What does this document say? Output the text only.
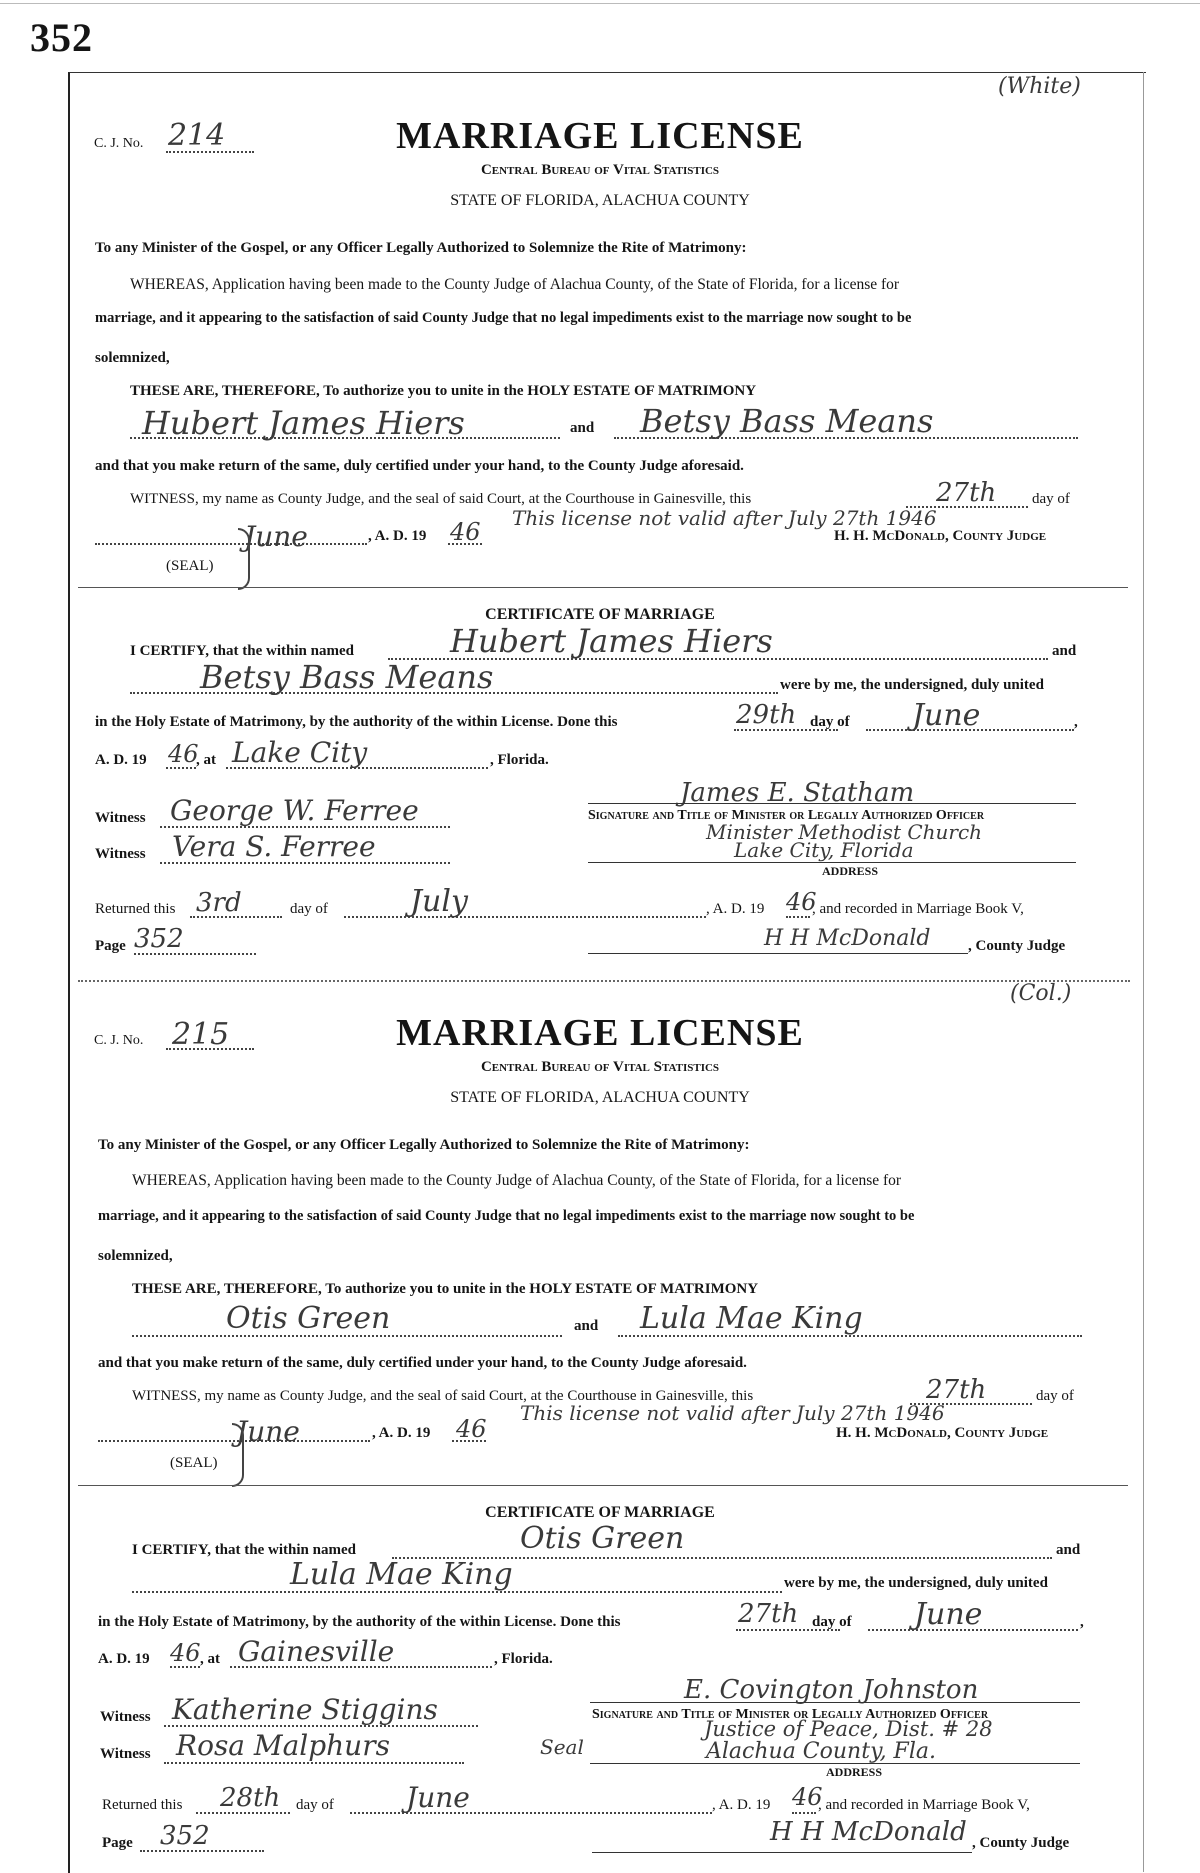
352
(White)
C. J. No. 214	MARRIAGE LICENSE
Central Bureau of Vital Statistics
STATE OF FLORIDA, ALACHUA COUNTY
To any Minister of the Gospel, or any Officer Legally Authorized to Solemnize the Rite of Matrimony:
WHEREAS, Application having been made to the County Judge of Alachua County, of the State of Florida, for a license for
marriage, and it appearing to the satisfaction of said County Judge that no legal impediments exist to the marriage now sought to be
solemnized,
THESE ARE, THEREFORE, To authorize you to unite in the HOLY ESTATE OF MATRIMONY
Hubert James Hiers	and Betsy Bass Means
and that you make return of the same, duly certified under your hand, to the County Judge aforesaid.
WITNESS, my name as County Judge, and the seal of said Court, at the Courthouse in Gainesville, this	27th day of
This license not valid after July 27th 1946
June	, A. D. 19 46	H. H. McDonald, County Judge
(SEAL)
CERTIFICATE OF MARRIAGE
I CERTIFY, that the within named	Hubert James Hiers	and
Betsy Bass Means	were by me, the undersigned, duly united
in the Holy Estate of Matrimony, by the authority of the within License. Done this	29th day of June	,
A. D. 19 46
, at Lake City	, Florida.
James E. Statham
Witness George W. Ferree	Signature and Title of Minister or Legally Authorized Officer
Minister Methodist Church
Witness Vera S. Ferree	Lake City, Florida
ADDRESS
Returned this 3rd	day of	July	, A. D. 19 46
, and recorded in Marriage Book V,
Page 352	H H McDonald	, County Judge
(Col.)
C. J. No. 215	MARRIAGE LICENSE
Central Bureau of Vital Statistics
STATE OF FLORIDA, ALACHUA COUNTY
To any Minister of the Gospel, or any Officer Legally Authorized to Solemnize the Rite of Matrimony:
WHEREAS, Application having been made to the County Judge of Alachua County, of the State of Florida, for a license for
marriage, and it appearing to the satisfaction of said County Judge that no legal impediments exist to the marriage now sought to be
solemnized,
THESE ARE, THEREFORE, To authorize you to unite in the HOLY ESTATE OF MATRIMONY
Otis Green	and Lula Mae King
and that you make return of the same, duly certified under your hand, to the County Judge aforesaid.
WITNESS, my name as County Judge, and the seal of said Court, at the Courthouse in Gainesville, this	27th	day of
This license not valid after July 27th 1946
June	, A. D. 19 46	H. H. McDonald, County Judge
(SEAL)
CERTIFICATE OF MARRIAGE
I CERTIFY, that the within named	Otis Green	and
Lula Mae King	were by me, the undersigned, duly united
in the Holy Estate of Matrimony, by the authority of the within License. Done this	27th day of June	,
A. D. 19 46 , at Gainesville	, Florida.
E. Covington Johnston
Witness Katherine Stiggins	Signature and Title of Minister or Legally Authorized Officer
Justice of Peace, Dist. # 28
Witness Rosa Malphurs	Seal	Alachua County, Fla.
ADDRESS
Returned this 28th day of	June	, A. D. 19 46
, and recorded in Marriage Book V,
Page 352	H H McDonald , County Judge
